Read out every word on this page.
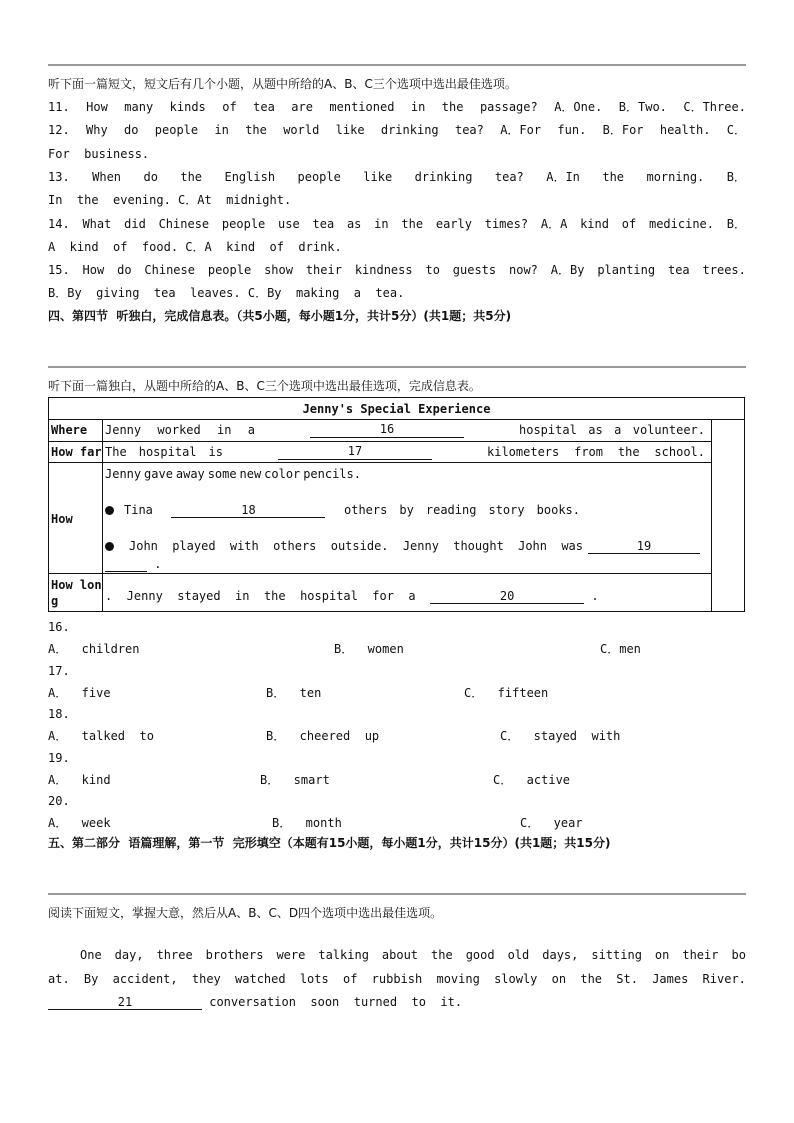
听下面一篇短文，短文后有几个小题，从题中所给的A、B、C三个选项中选出最佳选项。
11. How many kinds of tea are mentioned in the passage? A．One. B．Two. C．Three.
12. Why do people in the world like drinking tea? A．For fun. B．For health. C．
For  business.
13. When do the English people like drinking tea? A．In the morning. B．
In  the  evening. C．At  midnight.
14. What did Chinese people use tea as in the early times? A．A kind of medicine. B．
A  kind  of  food. C．A  kind  of  drink.
15. How do Chinese people show their kindness to guests now? A．By planting tea trees.
B．By  giving  tea  leaves. C．By  making  a  tea.
四、第四节  听独白，完成信息表。（共5小题，每小题1分，共计5分）(共1题；共5分)
听下面一篇独白，从题中所给的A、B、C三个选项中选出最佳选项，完成信息表。
Jenny's Special Experience
Where Jenny worked in a	16	hospital as a volunteer.
How far The hospital is	17	kilometers from the school.
How
Jenny gave away some new color pencils.
Tina	18	others by reading story books.
John played with others outside. Jenny thought John was	19
.
How lon
g	.  Jenny  stayed  in  the  hospital  for  a	20	.
16.
A．  children	B．  women	C．men
17.
A．  five	B．  ten	C．  fifteen
18.
A．  talked  to	B．  cheered  up	C．  stayed  with
19.
A．  kind	B．  smart	C．  active
20.
A．  week	B．  month	C．  year
五、第二部分  语篇理解，第一节  完形填空（本题有15小题，每小题1分，共计15分）(共1题；共15分)
阅读下面短文，掌握大意，然后从A、B、C、D四个选项中选出最佳选项。
One day, three brothers were talking about the good old days, sitting on their bo
at. By accident, they watched lots of rubbish moving slowly on the St. James River.
21	conversation  soon  turned  to  it.
